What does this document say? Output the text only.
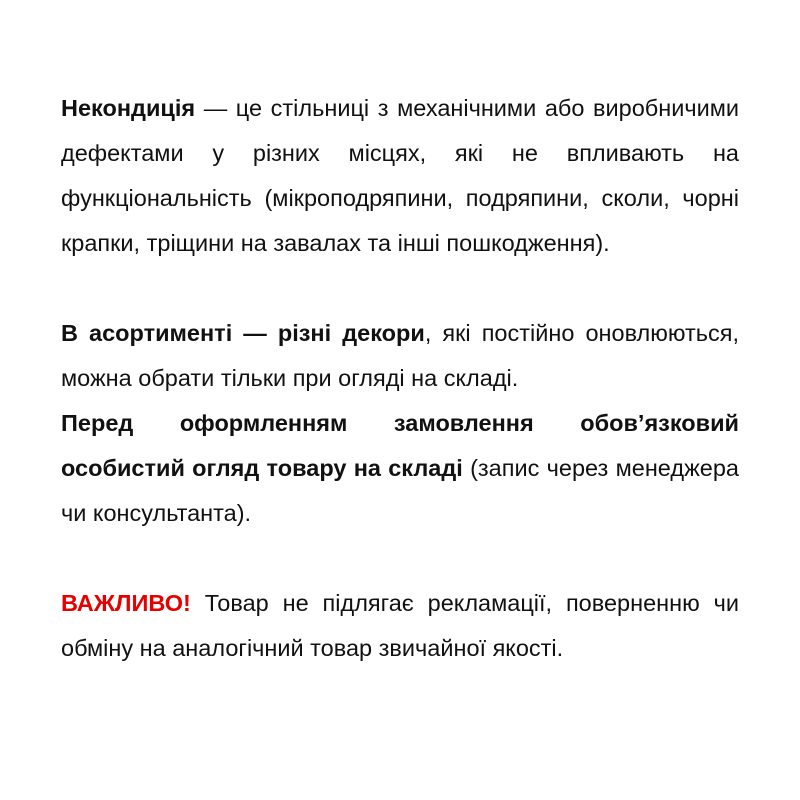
Некондиція — це стільниці з механічними або виробничими дефектами у різних місцях, які не впливають на функціональність (мікроподряпини, подряпини, сколи, чорні крапки, тріщини на завалах та інші пошкодження).

В асортименті — різні декори, які постійно оновлюються, можна обрати тільки при огляді на складі.

Перед оформленням замовлення обов’язковий особистий огляд товару на складі (запис через менеджера чи консультанта).

ВАЖЛИВО! Товар не підлягає рекламації, поверненню чи обміну на аналогічний товар звичайної якості.
